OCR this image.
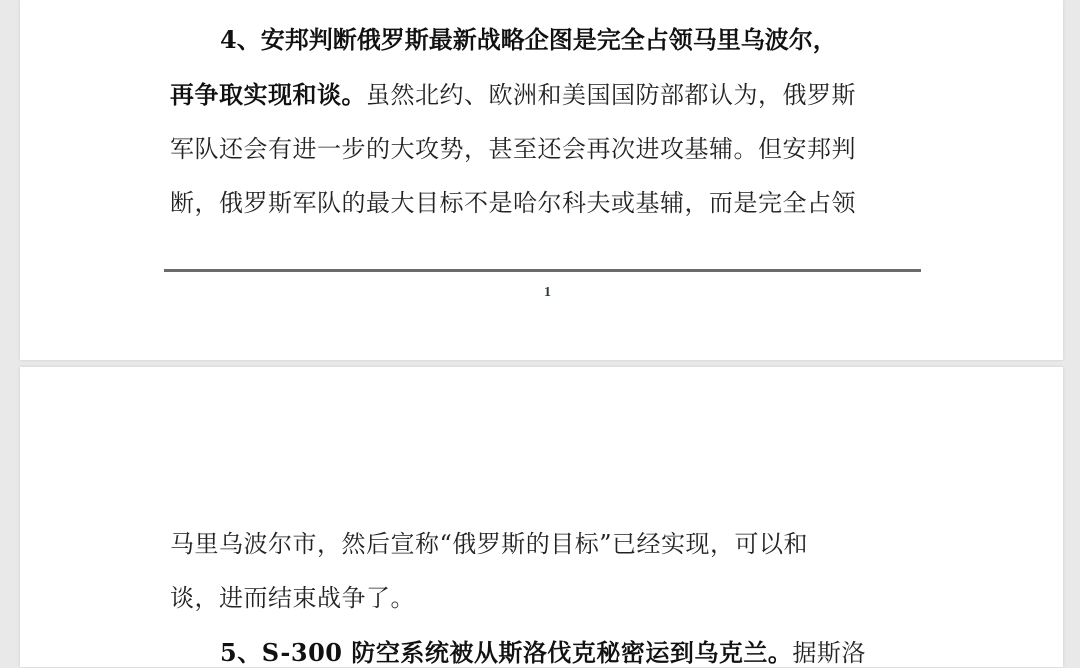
4、安邦判断俄罗斯最新战略企图是完全占领马里乌波尔，
再争取实现和谈。虽然北约、欧洲和美国国防部都认为，俄罗斯
军队还会有进一步的大攻势，甚至还会再次进攻基辅。但安邦判
断，俄罗斯军队的最大目标不是哈尔科夫或基辅，而是完全占领
1
马里乌波尔市，然后宣称“俄罗斯的目标”已经实现，可以和
谈，进而结束战争了。
5、S-300 防空系统被从斯洛伐克秘密运到乌克兰。据斯洛
